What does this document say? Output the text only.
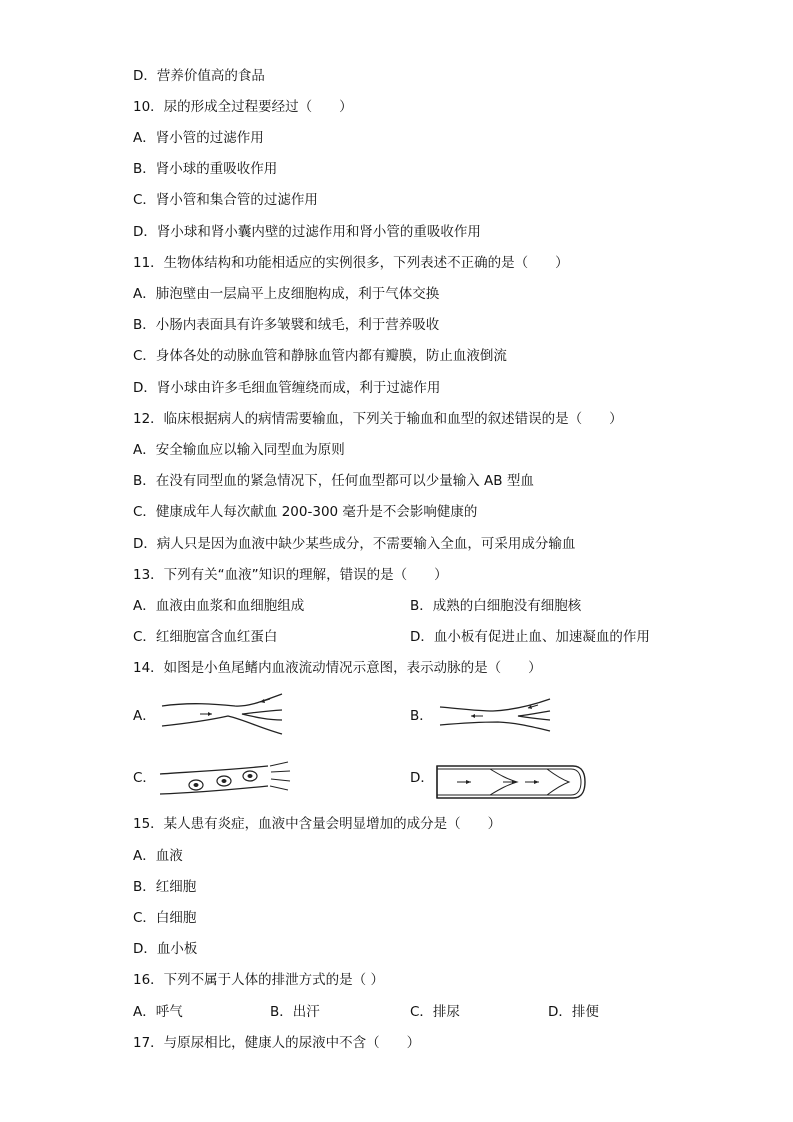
D．营养价值高的食品
10．尿的形成全过程要经过（　　）
A．肾小管的过滤作用
B．肾小球的重吸收作用
C．肾小管和集合管的过滤作用
D．肾小球和肾小囊内壁的过滤作用和肾小管的重吸收作用
11．生物体结构和功能相适应的实例很多，下列表述不正确的是（　　）
A．肺泡壁由一层扁平上皮细胞构成，利于气体交换
B．小肠内表面具有许多皱襞和绒毛，利于营养吸收
C．身体各处的动脉血管和静脉血管内都有瓣膜，防止血液倒流
D．肾小球由许多毛细血管缠绕而成，利于过滤作用
12．临床根据病人的病情需要输血，下列关于输血和血型的叙述错误的是（　　）
A．安全输血应以输入同型血为原则
B．在没有同型血的紧急情况下，任何血型都可以少量输入 AB 型血
C．健康成年人每次献血 200-300 毫升是不会影响健康的
D．病人只是因为血液中缺少某些成分，不需要输入全血，可采用成分输血
13．下列有关“血液”知识的理解，错误的是（　　）
A．血液由血浆和血细胞组成	B．成熟的白细胞没有细胞核
C．红细胞富含血红蛋白	D．血小板有促进止血、加速凝血的作用
14．如图是小鱼尾鳍内血液流动情况示意图，表示动脉的是（　　）
A．	B．
C．	D．
15．某人患有炎症，血液中含量会明显增加的成分是（　　）
A．血液
B．红细胞
C．白细胞
D．血小板
16．下列不属于人体的排泄方式的是（ ）
A．呼气	B．出汗	C．排尿	D．排便
17．与原尿相比，健康人的尿液中不含（　　）
